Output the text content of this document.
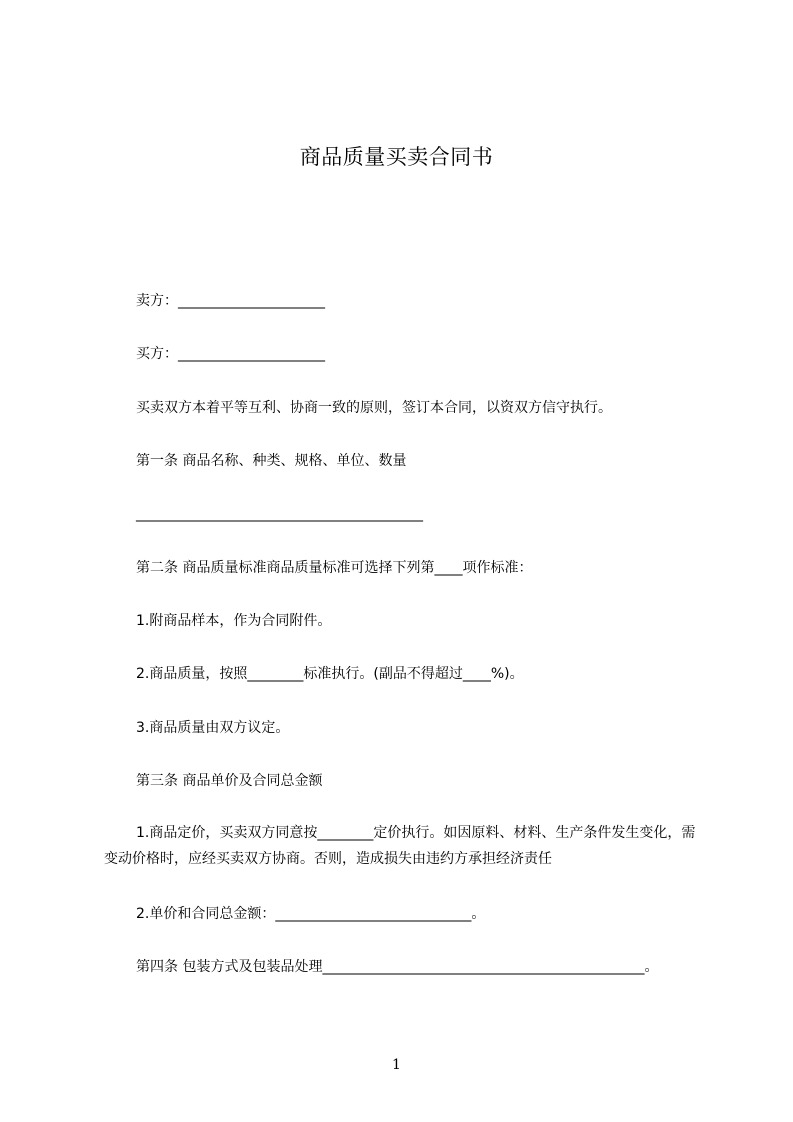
商品质量买卖合同书

卖方：_____________________

买方：_____________________

买卖双方本着平等互利、协商一致的原则，签订本合同，以资双方信守执行。

第一条 商品名称、种类、规格、单位、数量

_________________________________________

第二条 商品质量标准商品质量标准可选择下列第____项作标准：

1.附商品样本，作为合同附件。

2.商品质量，按照________标准执行。(副品不得超过____%)。

3.商品质量由双方议定。

第三条 商品单价及合同总金额

1.商品定价，买卖双方同意按________定价执行。如因原料、材料、生产条件发生变化，需变动价格时，应经买卖双方协商。否则，造成损失由违约方承担经济责任

2.单价和合同总金额：____________________________。

第四条 包装方式及包装品处理______________________________________________。

1
